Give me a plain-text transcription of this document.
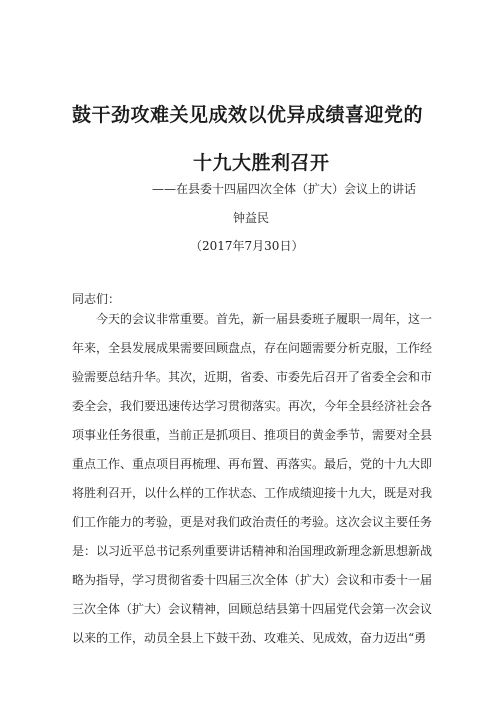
鼓干劲攻难关见成效以优异成绩喜迎党的
十九大胜利召开
——在县委十四届四次全体（扩大）会议上的讲话
钟益民
（2017年7月30日）
同志们：
今天的会议非常重要。首先，新一届县委班子履职一周年，这一
年来，全县发展成果需要回顾盘点，存在问题需要分析克服，工作经
验需要总结升华。其次，近期，省委、市委先后召开了省委全会和市
委全会，我们要迅速传达学习贯彻落实。再次，今年全县经济社会各
项事业任务很重，当前正是抓项目、推项目的黄金季节，需要对全县
重点工作、重点项目再梳理、再布置、再落实。最后，党的十九大即
将胜利召开，以什么样的工作状态、工作成绩迎接十九大，既是对我
们工作能力的考验，更是对我们政治责任的考验。这次会议主要任务
是：以习近平总书记系列重要讲话精神和治国理政新理念新思想新战
略为指导，学习贯彻省委十四届三次全体（扩大）会议和市委十一届
三次全体（扩大）会议精神，回顾总结县第十四届党代会第一次会议
以来的工作，动员全县上下鼓干劲、攻难关、见成效，奋力迈出“勇
